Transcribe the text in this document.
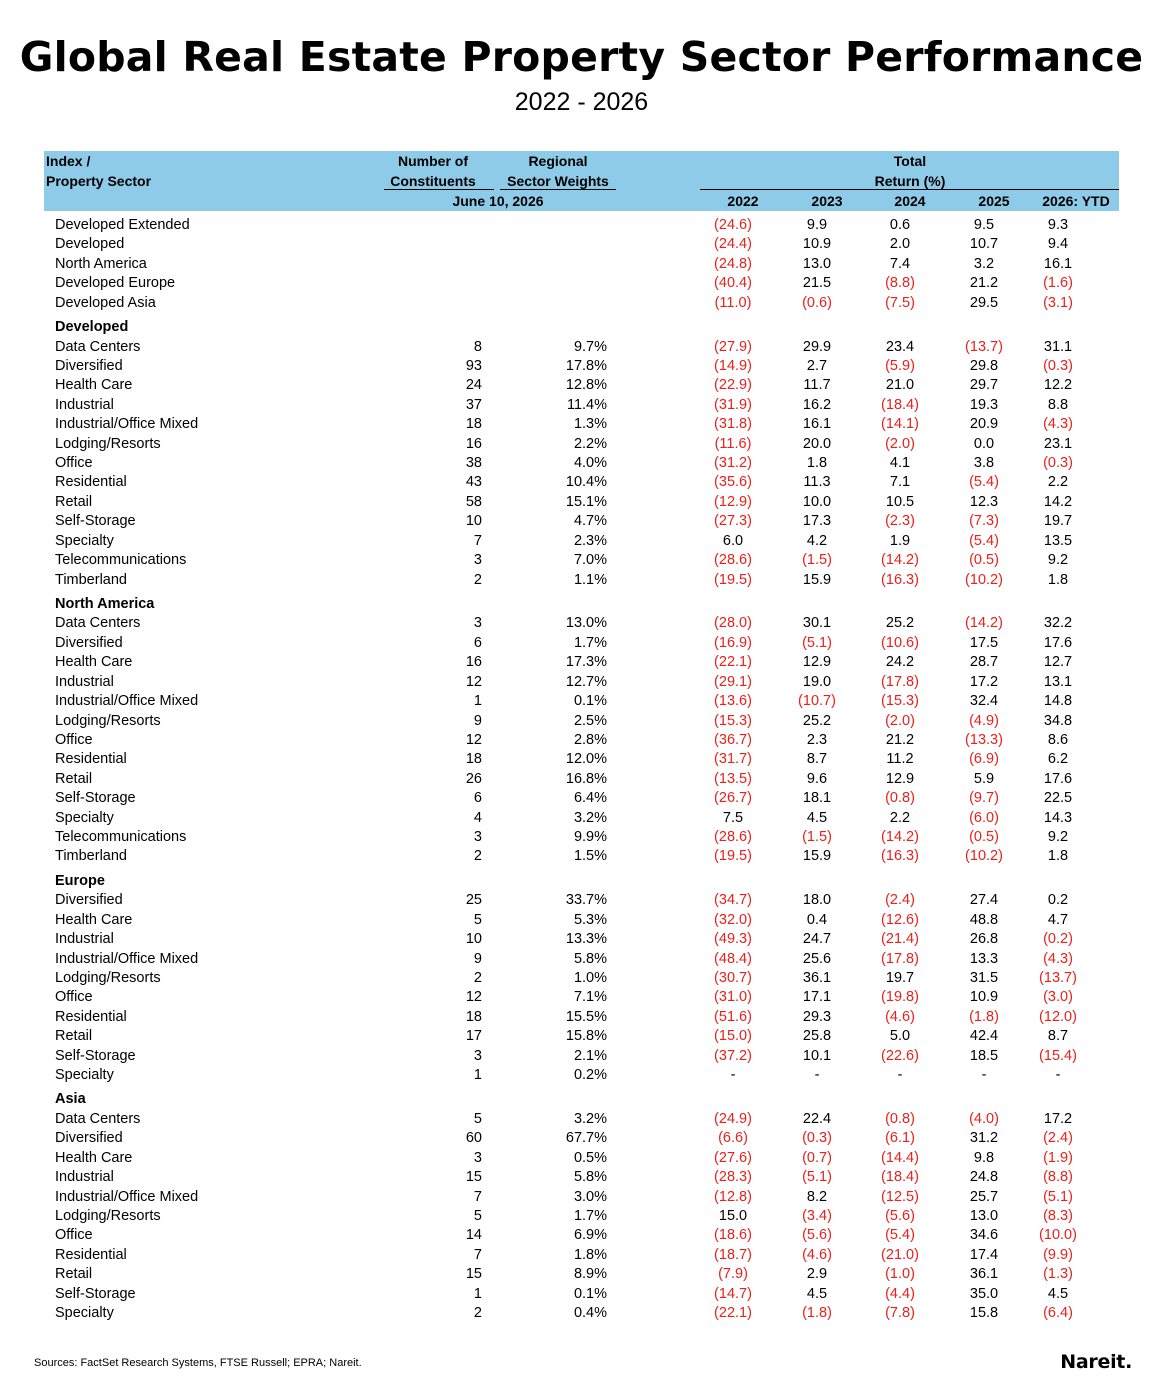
Global Real Estate Property Sector Performance
2022 - 2026
Index /
Property Sector
Number of
Constituents
Regional
Sector Weights
June 10, 2026
Total
Return (%)
2022	2023	2024	2025	2026: YTD
Developed Extended	(24.6)	9.9	0.6	9.5	9.3
Developed	(24.4)	10.9	2.0	10.7	9.4
North America	(24.8)	13.0	7.4	3.2	16.1
Developed Europe	(40.4)	21.5	(8.8)	21.2	(1.6)
Developed Asia	(11.0)	(0.6)	(7.5)	29.5	(3.1)
Developed
Data Centers	8	9.7%	(27.9)	29.9	23.4	(13.7)	31.1
Diversified	93	17.8%	(14.9)	2.7	(5.9)	29.8	(0.3)
Health Care	24	12.8%	(22.9)	11.7	21.0	29.7	12.2
Industrial	37	11.4%	(31.9)	16.2	(18.4)	19.3	8.8
Industrial/Office Mixed	18	1.3%	(31.8)	16.1	(14.1)	20.9	(4.3)
Lodging/Resorts	16	2.2%	(11.6)	20.0	(2.0)	0.0	23.1
Office	38	4.0%	(31.2)	1.8	4.1	3.8	(0.3)
Residential	43	10.4%	(35.6)	11.3	7.1	(5.4)	2.2
Retail	58	15.1%	(12.9)	10.0	10.5	12.3	14.2
Self-Storage	10	4.7%	(27.3)	17.3	(2.3)	(7.3)	19.7
Specialty	7	2.3%	6.0	4.2	1.9	(5.4)	13.5
Telecommunications	3	7.0%	(28.6)	(1.5)	(14.2)	(0.5)	9.2
Timberland	2	1.1%	(19.5)	15.9	(16.3)	(10.2)	1.8
North America
Data Centers	3	13.0%	(28.0)	30.1	25.2	(14.2)	32.2
Diversified	6	1.7%	(16.9)	(5.1)	(10.6)	17.5	17.6
Health Care	16	17.3%	(22.1)	12.9	24.2	28.7	12.7
Industrial	12	12.7%	(29.1)	19.0	(17.8)	17.2	13.1
Industrial/Office Mixed	1	0.1%	(13.6)	(10.7)	(15.3)	32.4	14.8
Lodging/Resorts	9	2.5%	(15.3)	25.2	(2.0)	(4.9)	34.8
Office	12	2.8%	(36.7)	2.3	21.2	(13.3)	8.6
Residential	18	12.0%	(31.7)	8.7	11.2	(6.9)	6.2
Retail	26	16.8%	(13.5)	9.6	12.9	5.9	17.6
Self-Storage	6	6.4%	(26.7)	18.1	(0.8)	(9.7)	22.5
Specialty	4	3.2%	7.5	4.5	2.2	(6.0)	14.3
Telecommunications	3	9.9%	(28.6)	(1.5)	(14.2)	(0.5)	9.2
Timberland	2	1.5%	(19.5)	15.9	(16.3)	(10.2)	1.8
Europe
Diversified	25	33.7%	(34.7)	18.0	(2.4)	27.4	0.2
Health Care	5	5.3%	(32.0)	0.4	(12.6)	48.8	4.7
Industrial	10	13.3%	(49.3)	24.7	(21.4)	26.8	(0.2)
Industrial/Office Mixed	9	5.8%	(48.4)	25.6	(17.8)	13.3	(4.3)
Lodging/Resorts	2	1.0%	(30.7)	36.1	19.7	31.5	(13.7)
Office	12	7.1%	(31.0)	17.1	(19.8)	10.9	(3.0)
Residential	18	15.5%	(51.6)	29.3	(4.6)	(1.8)	(12.0)
Retail	17	15.8%	(15.0)	25.8	5.0	42.4	8.7
Self-Storage	3	2.1%	(37.2)	10.1	(22.6)	18.5	(15.4)
Specialty	1	0.2%	-	-	-	-	-
Asia
Data Centers	5	3.2%	(24.9)	22.4	(0.8)	(4.0)	17.2
Diversified	60	67.7%	(6.6)	(0.3)	(6.1)	31.2	(2.4)
Health Care	3	0.5%	(27.6)	(0.7)	(14.4)	9.8	(1.9)
Industrial	15	5.8%	(28.3)	(5.1)	(18.4)	24.8	(8.8)
Industrial/Office Mixed	7	3.0%	(12.8)	8.2	(12.5)	25.7	(5.1)
Lodging/Resorts	5	1.7%	15.0	(3.4)	(5.6)	13.0	(8.3)
Office	14	6.9%	(18.6)	(5.6)	(5.4)	34.6	(10.0)
Residential	7	1.8%	(18.7)	(4.6)	(21.0)	17.4	(9.9)
Retail	15	8.9%	(7.9)	2.9	(1.0)	36.1	(1.3)
Self-Storage	1	0.1%	(14.7)	4.5	(4.4)	35.0	4.5
Specialty	2	0.4%	(22.1)	(1.8)	(7.8)	15.8	(6.4)
Sources: FactSet Research Systems, FTSE Russell; EPRA; Nareit.	Nareit.
